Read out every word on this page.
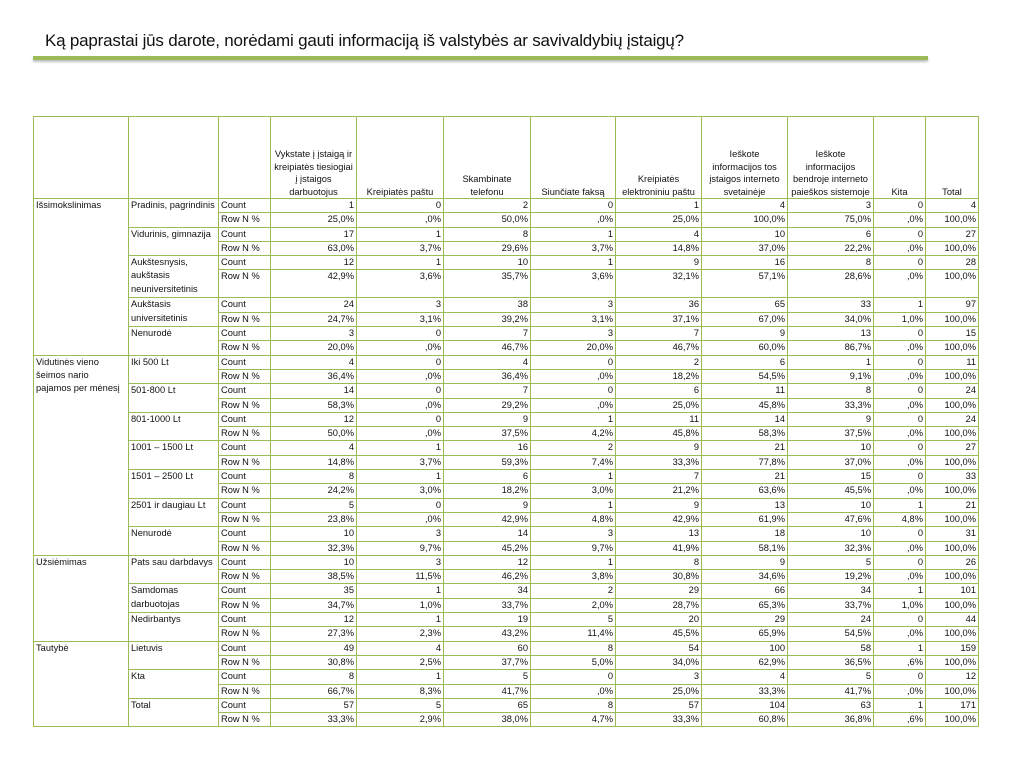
Ką paprastai jūs darote, norėdami gauti informaciją iš valstybės ar savivaldybių įstaigų?
			Vykstate į įstaigą ir kreipiatės tiesiogiai į įstaigos darbuotojus	Kreipiatės paštu	Skambinate telefonu	Siunčiate faksą	Kreipiatės elektroniniu paštu	Ieškote informacijos tos įstaigos interneto svetainėje	Ieškote informacijos bendroje interneto paieškos sistemoje	Kita	Total
Išsimokslinimas	Pradinis, pagrindinis	Count	1	0	2	0	1	4	3	0	4
		Row N %	25,0%	,0%	50,0%	,0%	25,0%	100,0%	75,0%	,0%	100,0%
	Vidurinis, gimnazija	Count	17	1	8	1	4	10	6	0	27
		Row N %	63,0%	3,7%	29,6%	3,7%	14,8%	37,0%	22,2%	,0%	100,0%
	Aukštesnysis, aukštasis neuniversitetinis	Count	12	1	10	1	9	16	8	0	28
		Row N %	42,9%	3,6%	35,7%	3,6%	32,1%	57,1%	28,6%	,0%	100,0%
	Aukštasis universitetinis	Count	24	3	38	3	36	65	33	1	97
		Row N %	24,7%	3,1%	39,2%	3,1%	37,1%	67,0%	34,0%	1,0%	100,0%
	Nenurodė	Count	3	0	7	3	7	9	13	0	15
		Row N %	20,0%	,0%	46,7%	20,0%	46,7%	60,0%	86,7%	,0%	100,0%
Vidutinės vieno šeimos nario pajamos per mėnesį	Iki 500 Lt	Count	4	0	4	0	2	6	1	0	11
		Row N %	36,4%	,0%	36,4%	,0%	18,2%	54,5%	9,1%	,0%	100,0%
	501-800 Lt	Count	14	0	7	0	6	11	8	0	24
		Row N %	58,3%	,0%	29,2%	,0%	25,0%	45,8%	33,3%	,0%	100,0%
	801-1000 Lt	Count	12	0	9	1	11	14	9	0	24
		Row N %	50,0%	,0%	37,5%	4,2%	45,8%	58,3%	37,5%	,0%	100,0%
	1001 – 1500 Lt	Count	4	1	16	2	9	21	10	0	27
		Row N %	14,8%	3,7%	59,3%	7,4%	33,3%	77,8%	37,0%	,0%	100,0%
	1501 – 2500 Lt	Count	8	1	6	1	7	21	15	0	33
		Row N %	24,2%	3,0%	18,2%	3,0%	21,2%	63,6%	45,5%	,0%	100,0%
	2501 ir daugiau Lt	Count	5	0	9	1	9	13	10	1	21
		Row N %	23,8%	,0%	42,9%	4,8%	42,9%	61,9%	47,6%	4,8%	100,0%
	Nenurodė	Count	10	3	14	3	13	18	10	0	31
		Row N %	32,3%	9,7%	45,2%	9,7%	41,9%	58,1%	32,3%	,0%	100,0%
Užsiėmimas	Pats sau darbdavys	Count	10	3	12	1	8	9	5	0	26
		Row N %	38,5%	11,5%	46,2%	3,8%	30,8%	34,6%	19,2%	,0%	100,0%
	Samdomas darbuotojas	Count	35	1	34	2	29	66	34	1	101
		Row N %	34,7%	1,0%	33,7%	2,0%	28,7%	65,3%	33,7%	1,0%	100,0%
	Nedirbantys	Count	12	1	19	5	20	29	24	0	44
		Row N %	27,3%	2,3%	43,2%	11,4%	45,5%	65,9%	54,5%	,0%	100,0%
Tautybė	Lietuvis	Count	49	4	60	8	54	100	58	1	159
		Row N %	30,8%	2,5%	37,7%	5,0%	34,0%	62,9%	36,5%	,6%	100,0%
	Kta	Count	8	1	5	0	3	4	5	0	12
		Row N %	66,7%	8,3%	41,7%	,0%	25,0%	33,3%	41,7%	,0%	100,0%
	Total	Count	57	5	65	8	57	104	63	1	171
		Row N %	33,3%	2,9%	38,0%	4,7%	33,3%	60,8%	36,8%	,6%	100,0%
